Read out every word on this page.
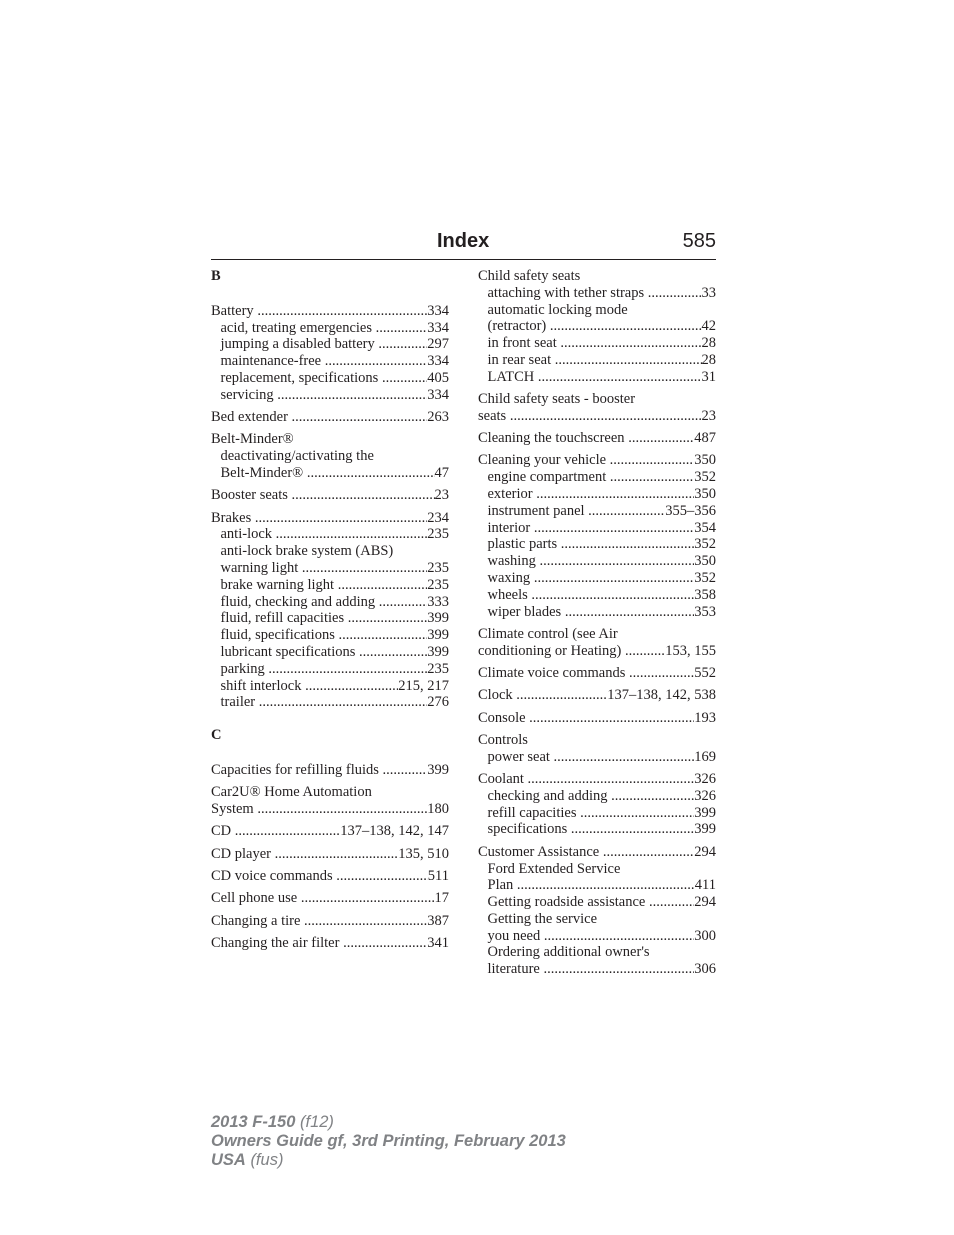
Index	585
B
Battery .....	334
acid, treating emergencies .....	334
jumping a disabled battery .....	297
maintenance-free .....	334
replacement, specifications .....	405
servicing .....	334
Bed extender .....	263
Belt-Minder®
deactivating/activating the
Belt-Minder® .....	47
Booster seats .....	23
Brakes .....	234
anti-lock .....	235
anti-lock brake system (ABS)
warning light .....	235
brake warning light .....	235
fluid, checking and adding .....	333
fluid, refill capacities .....	399
fluid, specifications .....	399
lubricant specifications .....	399
parking .....	235
shift interlock .....	215, 217
trailer .....	276
C
Capacities for refilling fluids .....	399
Car2U® Home Automation
System .....	180
CD .....	137–138, 142, 147
CD player .....	135, 510
CD voice commands .....	511
Cell phone use .....	17
Changing a tire .....	387
Changing the air filter .....	341
Child safety seats
attaching with tether straps .....	33
automatic locking mode
(retractor) .....	42
in front seat .....	28
in rear seat .....	28
LATCH .....	31
Child safety seats - booster
seats .....	23
Cleaning the touchscreen .....	487
Cleaning your vehicle .....	350
engine compartment .....	352
exterior .....	350
instrument panel .....	355–356
interior .....	354
plastic parts .....	352
washing .....	350
waxing .....	352
wheels .....	358
wiper blades .....	353
Climate control (see Air
conditioning or Heating) .....	153, 155
Climate voice commands .....	552
Clock .....	137–138, 142, 538
Console .....	193
Controls
power seat .....	169
Coolant .....	326
checking and adding .....	326
refill capacities .....	399
specifications .....	399
Customer Assistance .....	294
Ford Extended Service
Plan .....	411
Getting roadside assistance .....	294
Getting the service
you need .....	300
Ordering additional owner's
literature .....	306
2013 F-150 (f12)
Owners Guide gf, 3rd Printing, February 2013
USA (fus)
